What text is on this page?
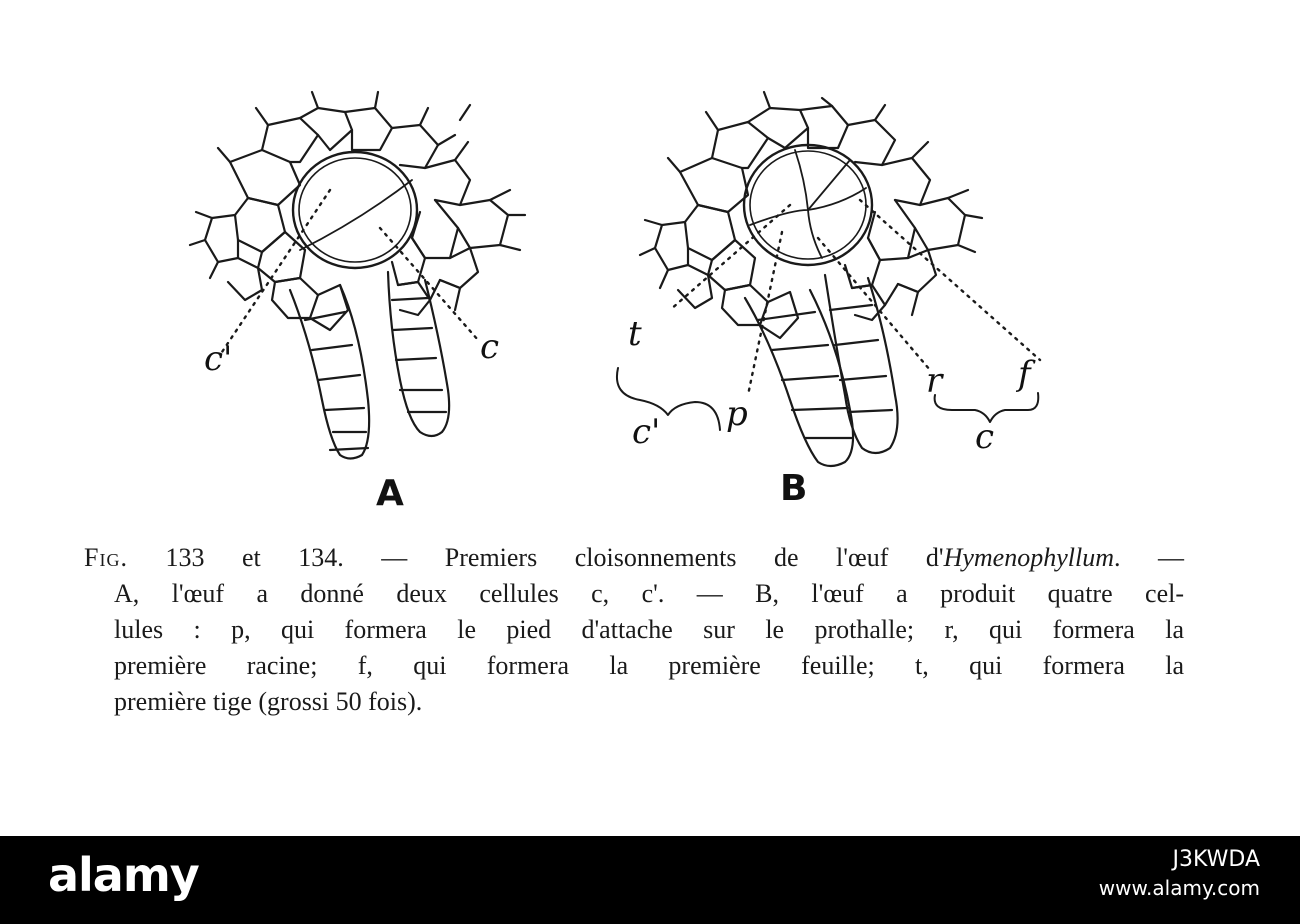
c'	c
A
t
c' p
r f
c
B
Fig. 133 et 134. — Premiers cloisonnements de l'œuf d'Hymenophyllum. —
A, l'œuf a donné deux cellules c, c'. — B, l'œuf a produit quatre cel-
lules : p, qui formera le pied d'attache sur le prothalle; r, qui formera la
première racine; f, qui formera la première feuille; t, qui formera la
première tige (grossi 50 fois).
alamy	J3KWDA
www.alamy.com
